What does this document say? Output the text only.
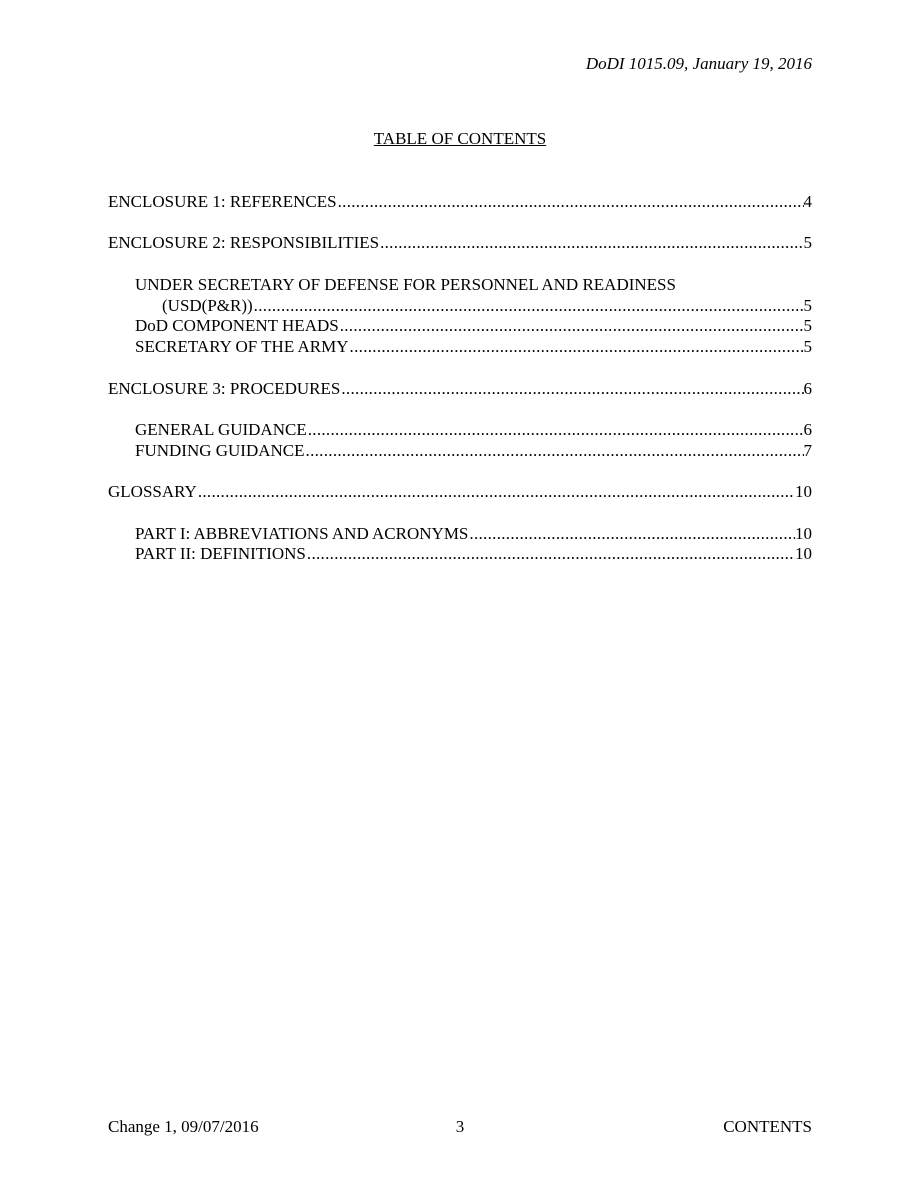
DoDI 1015.09, January 19, 2016
TABLE OF CONTENTS
ENCLOSURE 1: REFERENCES .....	4
ENCLOSURE 2: RESPONSIBILITIES .....	5
UNDER SECRETARY OF DEFENSE FOR PERSONNEL AND READINESS
(USD(P&R)) .....	5
DoD COMPONENT HEADS .....	5
SECRETARY OF THE ARMY .....	5
ENCLOSURE 3: PROCEDURES .....	6
GENERAL GUIDANCE .....	6
FUNDING GUIDANCE .....	7
GLOSSARY .....	10
PART I: ABBREVIATIONS AND ACRONYMS .....	10
PART II: DEFINITIONS .....	10
Change 1, 09/07/2016	3	CONTENTS
